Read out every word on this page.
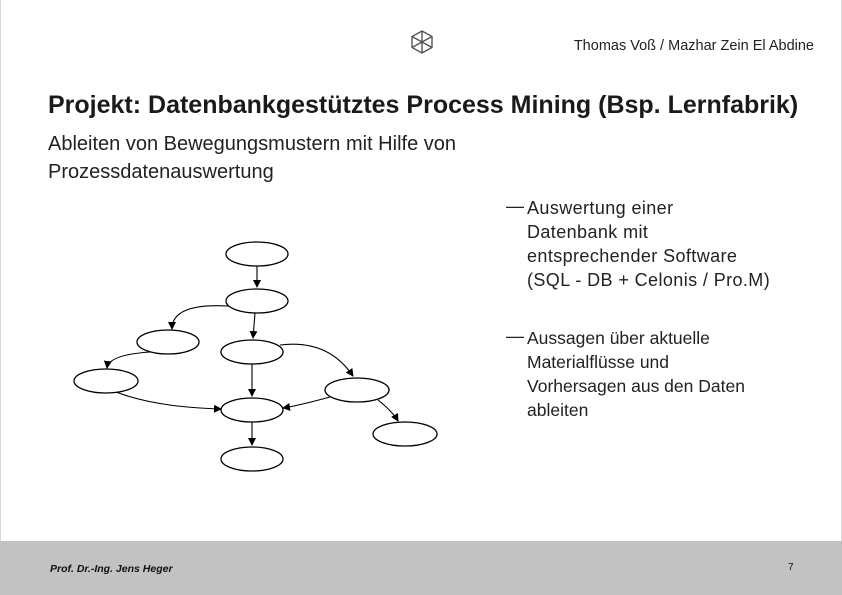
Thomas Voß / Mazhar Zein El Abdine
Projekt: Datenbankgestütztes Process Mining (Bsp. Lernfabrik)

Ableiten von Bewegungsmustern mit Hilfe von Prozessdatenauswertung

— Auswertung einer
Datenbank mit
entsprechender Software
(SQL - DB + Celonis / Pro.M)
— Aussagen über aktuelle
Materialflüsse und
Vorhersagen aus den Daten
ableiten
Prof. Dr.-Ing. Jens Heger	7
